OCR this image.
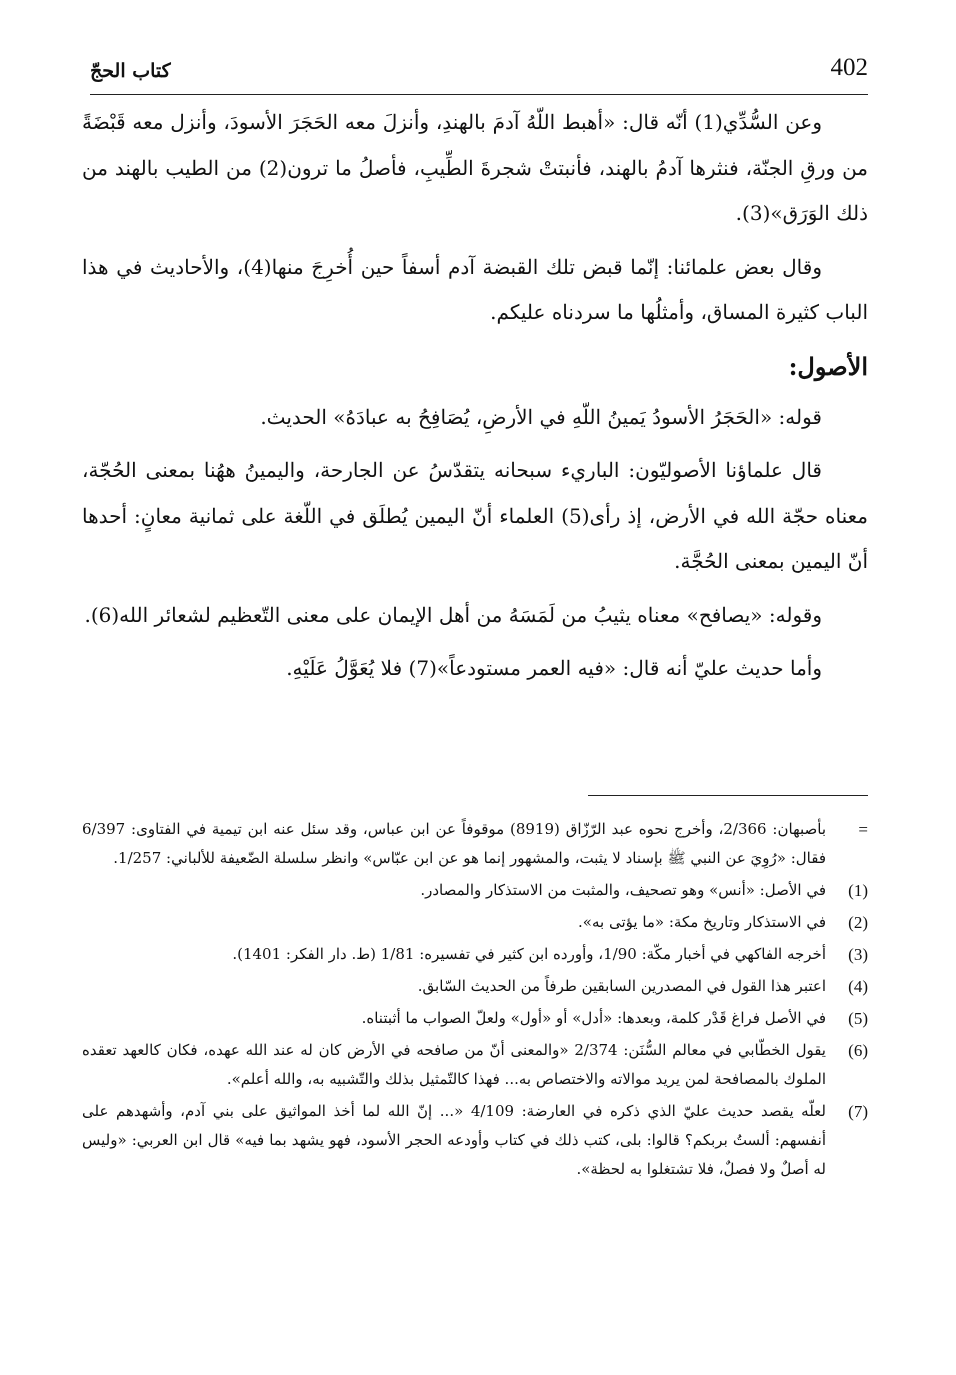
402
كتاب الحجّ

وعن السُّدِّي(1) أنّه قال: «أهبط اللّهُ آدمَ بالهندِ، وأنزلَ معه الحَجَرَ الأسودَ، وأنزل معه قَبْضَةً من ورقِ الجنّة، فنثرها آدمُ بالهند، فأنبتتْ شجرةَ الطِّيبِ، فأصلُ ما ترون(2) من الطيب بالهند من ذلك الوَرَق»(3).

وقال بعض علمائنا: إنّما قبض تلك القبضة آدم أسفاً حين أُخرِجَ منها(4)، والأحاديث في هذا الباب كثيرة المساق، وأمثلُها ما سردناه عليكم.

الأصول:

قوله: «الحَجَرُ الأسودُ يَمينُ اللّهِ في الأرضِ، يُصَافِحُ به عبادَهُ» الحديث.

قال علماؤنا الأصوليّون: الباريء سبحانه يتقدّسُ عن الجارحة، واليمينُ ههُنا بمعنى الحُجّة، معناه حجّة الله في الأرض، إذ رأى(5) العلماء أنّ اليمين يُطلَق في اللّغة على ثمانية معانٍ: أحدها أنّ اليمين بمعنى الحُجَّة.

وقوله: «يصافح» معناه يثيبُ من لَمَسَهُ من أهل الإيمان على معنى التّعظيم لشعائر الله(6).

وأما حديث عليّ أنه قال: «فيه العمر مستودعاً»(7) فلا يُعَوَّلُ عَلَيْهِ.

=
بأصبهان: 2/366، وأخرج نحوه عبد الرّزّاق (8919) موقوفاً عن ابن عباس، وقد سئل عنه ابن تيمية في الفتاوى: 6/397 فقال: «رُوِيَ عن النبي ﷺ بإسناد لا يثبت، والمشهور إنما هو عن ابن عبّاس» وانظر سلسلة الضّعيفة للألباني: 1/257.
(1)
في الأصل: «أنس» وهو تصحيف، والمثبت من الاستذكار والمصادر.
(2)
في الاستذكار وتاريخ مكة: «ما يؤتى به».
(3)
أخرجه الفاكهي في أخبار مكّة: 1/90، وأورده ابن كثير في تفسيره: 1/81 (ط. دار الفكر: 1401).
(4)
اعتبر هذا القول في المصدرين السابقين طرفاً من الحديث السّابق.
(5)
في الأصل فراغ قَدْر كلمة، وبعدها: «أدل» أو «أول» ولعلّ الصواب ما أثبتناه.
(6)
يقول الخطّابي في معالم السُّنَن: 2/374 «والمعنى أنّ من صافحه في الأرض كان له عند الله عهده، فكان كالعهد تعقده الملوك بالمصافحة لمن يريد موالاته والاختصاص به... فهذا كالتّمثيل بذلك والتّشبيه به، والله أعلم».
(7)
لعلّه يقصد حديث عليّ الذي ذكره في العارضة: 4/109 «... إنّ الله لما أخذ المواثيق على بني آدم، وأشهدهم على أنفسهم: ألستُ بربكم؟ قالوا: بلى، كتب ذلك في كتاب وأودعه الحجر الأسود، فهو يشهد بما فيه» قال ابن العربي: «وليس له أصلٌ ولا فصلٌ، فلا تشتغلوا به لحظة».
